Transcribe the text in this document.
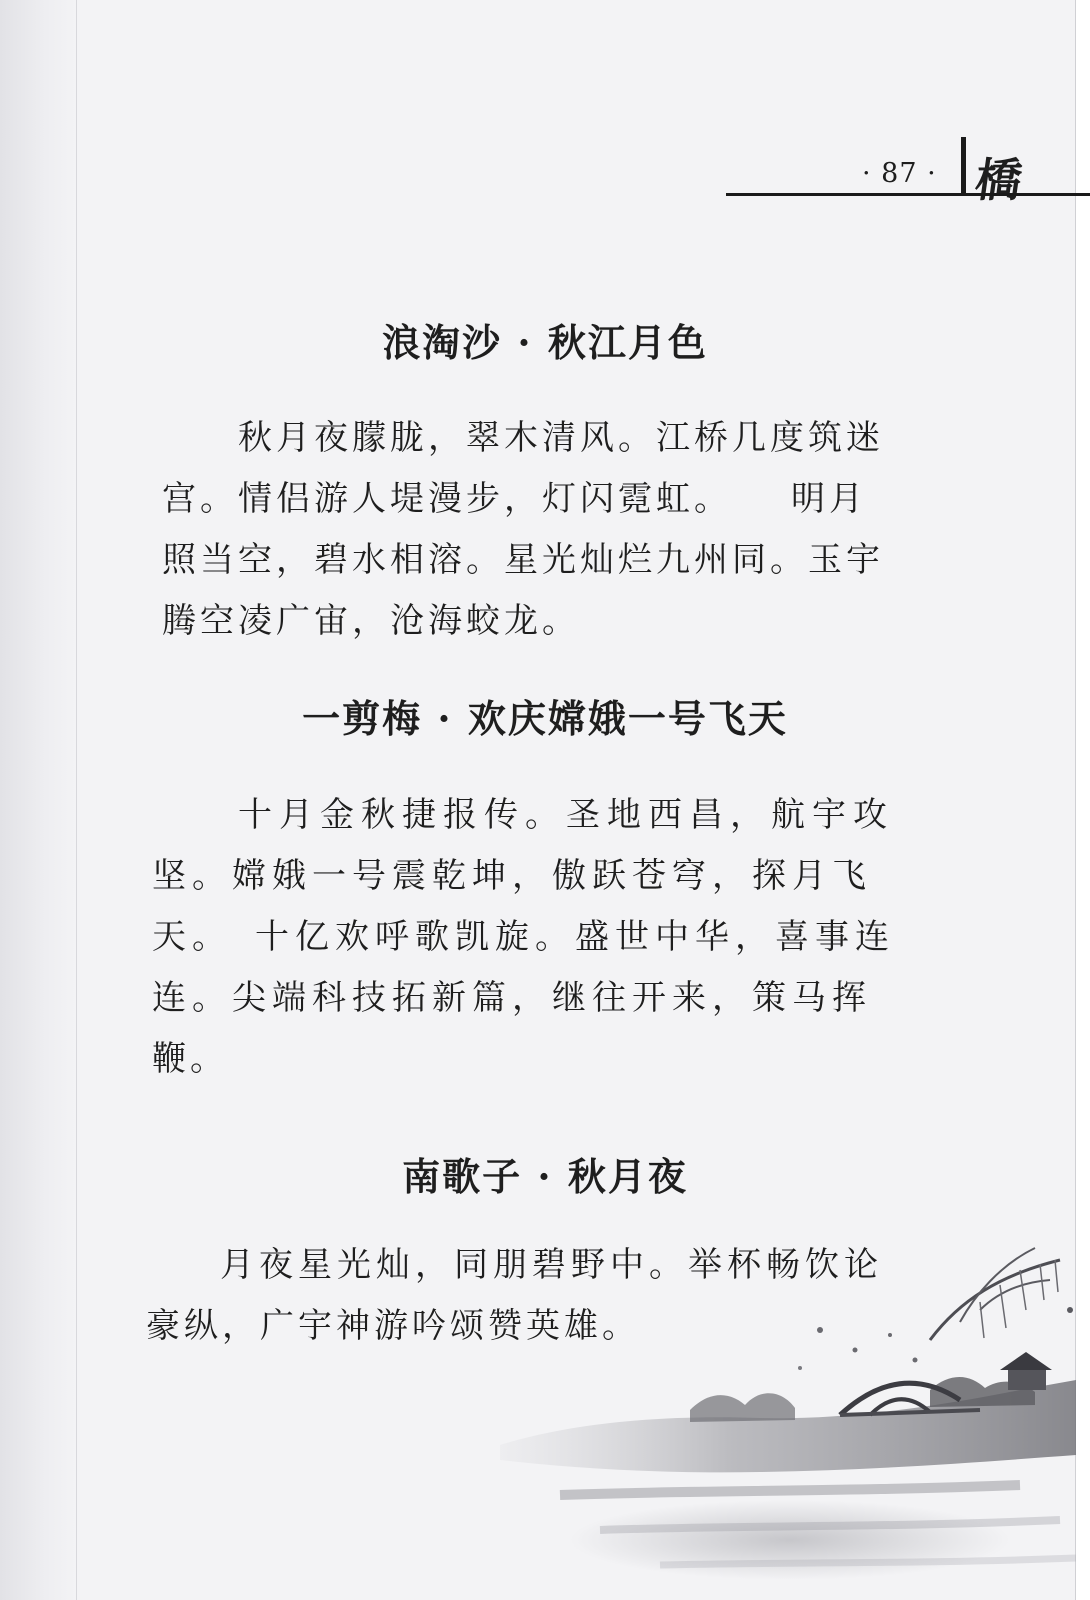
· 87 · 橋
浪淘沙 · 秋江月色
秋月夜朦胧，翠木清风。江桥几度筑迷
宫。情侣游人堤漫步，灯闪霓虹。　　明月
照当空，碧水相溶。星光灿烂九州同。玉宇
腾空凌广宙，沧海蛟龙。
一剪梅 · 欢庆嫦娥一号飞天
十月金秋捷报传。圣地西昌，航宇攻
坚。嫦娥一号震乾坤，傲跃苍穹，探月飞
天。　十亿欢呼歌凯旋。盛世中华，喜事连
连。尖端科技拓新篇，继往开来，策马挥
鞭。
南歌子 · 秋月夜
月夜星光灿，同朋碧野中。举杯畅饮论
豪纵，广宇神游吟颂赞英雄。
